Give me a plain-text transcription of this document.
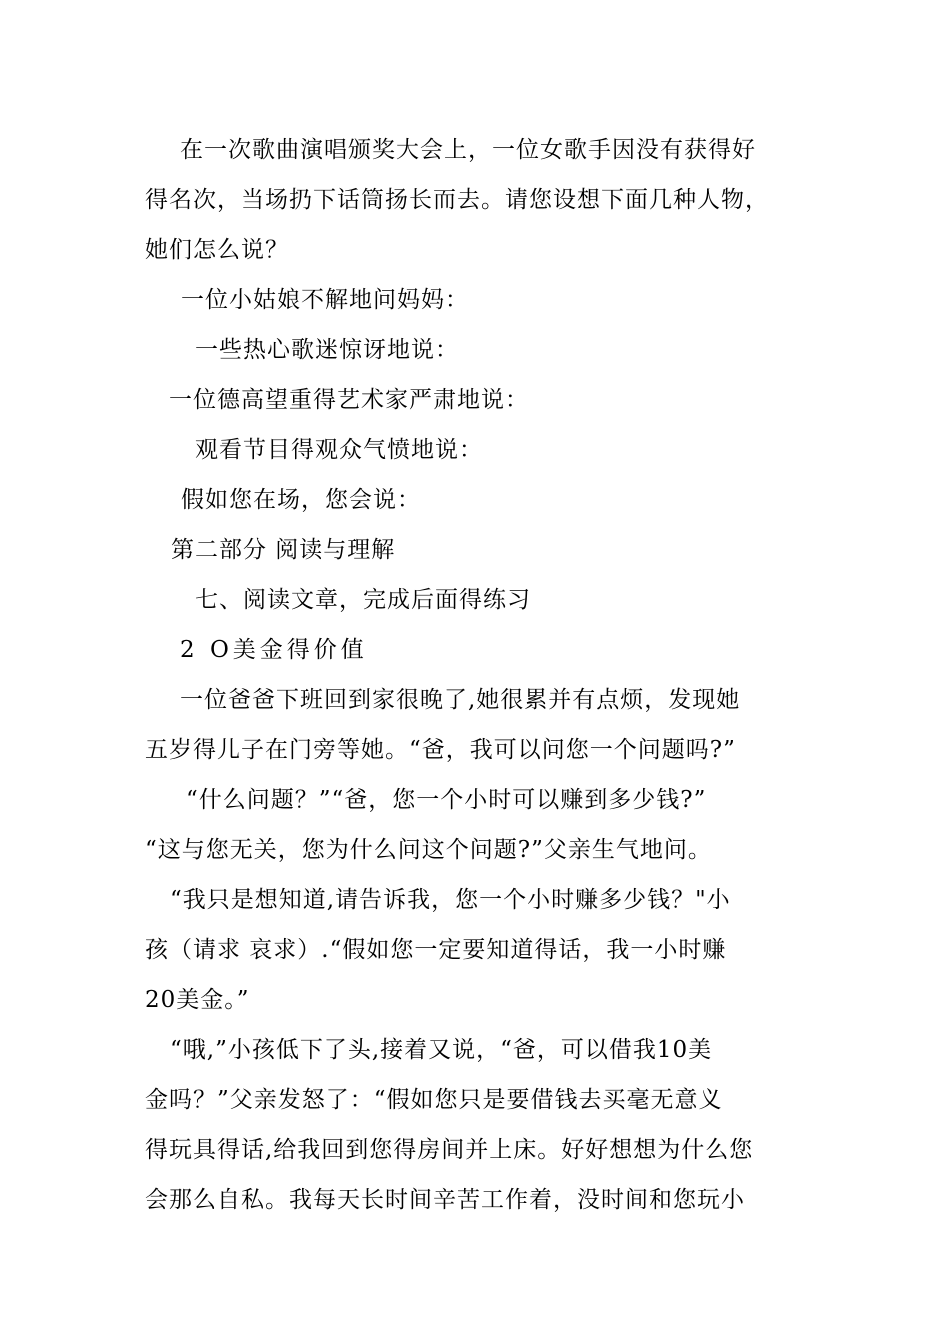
在一次歌曲演唱颁奖大会上，一位女歌手因没有获得好
得名次，当场扔下话筒扬长而去。请您设想下面几种人物，
她们怎么说？
一位小姑娘不解地问妈妈：
一些热心歌迷惊讶地说：
一位德高望重得艺术家严肃地说：
观看节目得观众气愤地说：
假如您在场，您会说：
第二部分 阅读与理解
七、阅读文章，完成后面得练习
2 O美金得价值
一位爸爸下班回到家很晚了,她很累并有点烦，发现她
五岁得儿子在门旁等她。“爸，我可以问您一个问题吗?”
“什么问题？”“爸，您一个小时可以赚到多少钱?”
“这与您无关，您为什么问这个问题?”父亲生气地问。
“我只是想知道,请告诉我，您一个小时赚多少钱？"小
孩（请求 哀求）.“假如您一定要知道得话，我一小时赚
20美金。”
“哦,”小孩低下了头,接着又说，“爸，可以借我10美
金吗？”父亲发怒了：“假如您只是要借钱去买毫无意义
得玩具得话,给我回到您得房间并上床。好好想想为什么您
会那么自私。我每天长时间辛苦工作着，没时间和您玩小
